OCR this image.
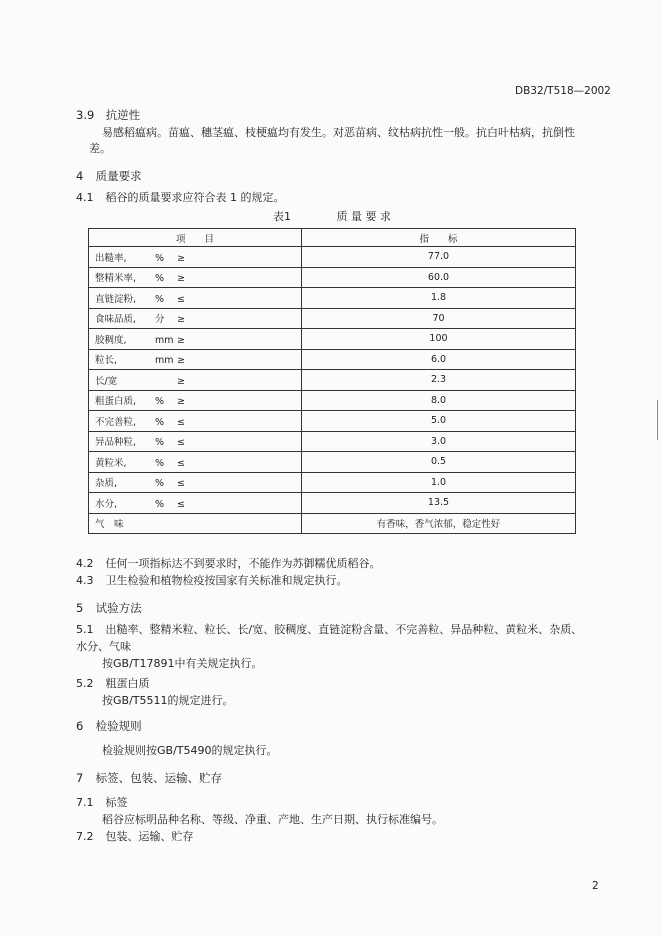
DB32/T518—2002
3.9 抗逆性
易感稻瘟病。苗瘟、穗茎瘟、枝梗瘟均有发生。对恶苗病、纹枯病抗性一般。抗白叶枯病，抗倒性
差。
4 质量要求
4.1 稻谷的质量要求应符合表 1 的规定。
表1	质 量 要 求
项　　目	指　　标
出糙率, % ≥	77.0
整精米率, % ≥	60.0
直链淀粉, % ≤	1.8
食味品质, 分 ≥	70
胶稠度, mm ≥	100
粒长, mm ≥	6.0
长/宽 ≥	2.3
粗蛋白质, % ≥	8.0
不完善粒, % ≤	5.0
异品种粒, % ≤	3.0
黄粒米, % ≤	0.5
杂质, % ≤	1.0
水分, % ≤	13.5
气　味	有香味，香气浓郁，稳定性好
4.2 任何一项指标达不到要求时，不能作为苏御糯优质稻谷。
4.3 卫生检验和植物检疫按国家有关标准和规定执行。
5 试验方法
5.1 出糙率、整精米粒、粒长、长/宽、胶稠度、直链淀粉含量、不完善粒、异品种粒、黄粒米、杂质、
水分、气味
按GB/T17891中有关规定执行。
5.2 粗蛋白质
按GB/T5511的规定进行。
6 检验规则
检验规则按GB/T5490的规定执行。
7 标签、包装、运输、贮存
7.1 标签
稻谷应标明品种名称、等级、净重、产地、生产日期、执行标准编号。
7.2 包装、运输、贮存
2
